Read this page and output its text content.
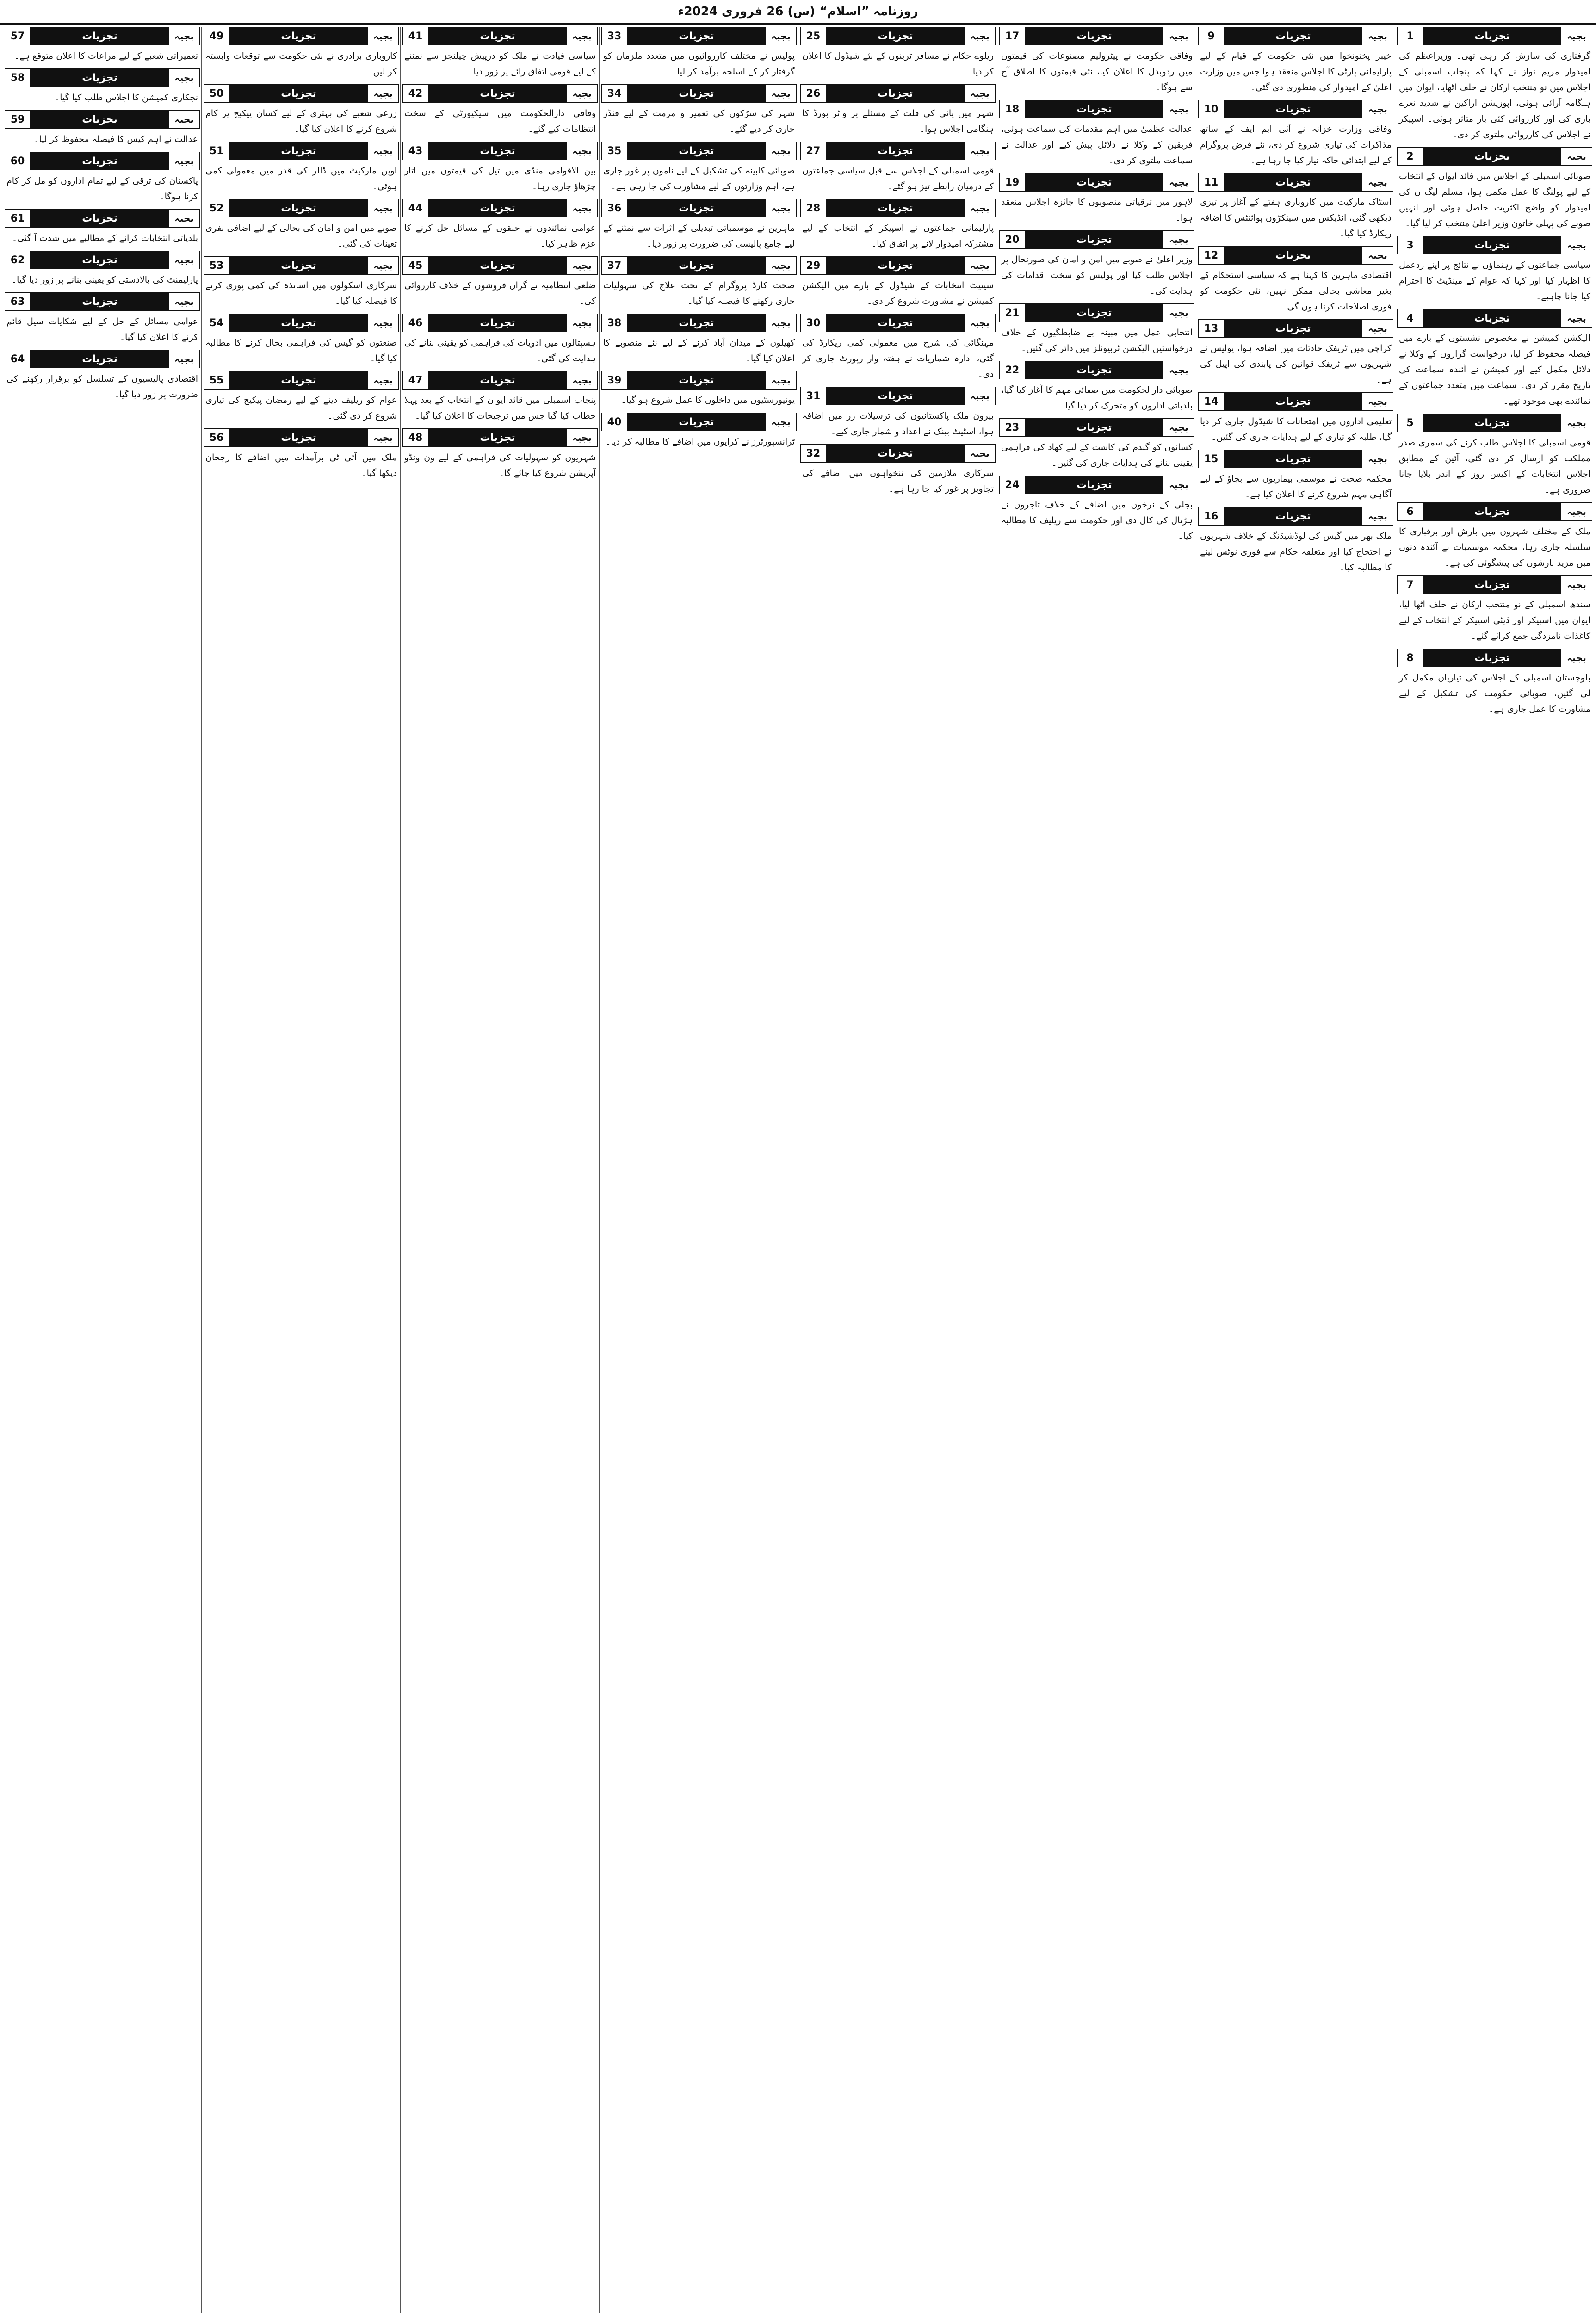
روزنامہ ”اسلام“ (س) 26 فروری 2024ء
1	تجزیات	بجیہ

گرفتاری کی سازش کر رہی تھی۔ وزیراعظم کی امیدوار مریم نواز نے کہا کہ پنجاب اسمبلی کے اجلاس میں نو منتخب ارکان نے حلف اٹھایا، ایوان میں ہنگامہ آرائی ہوئی، اپوزیشن اراکین نے شدید نعرے بازی کی اور کارروائی کئی بار متاثر ہوئی۔ اسپیکر نے اجلاس کی کارروائی ملتوی کر دی۔

2	تجزیات	بجیہ

صوبائی اسمبلی کے اجلاس میں قائد ایوان کے انتخاب کے لیے پولنگ کا عمل مکمل ہوا، مسلم لیگ ن کی امیدوار کو واضح اکثریت حاصل ہوئی اور انہیں صوبے کی پہلی خاتون وزیر اعلیٰ منتخب کر لیا گیا۔

3	تجزیات	بجیہ

سیاسی جماعتوں کے رہنماؤں نے نتائج پر اپنے ردعمل کا اظہار کیا اور کہا کہ عوام کے مینڈیٹ کا احترام کیا جانا چاہیے۔

4	تجزیات	بجیہ

الیکشن کمیشن نے مخصوص نشستوں کے بارے میں فیصلہ محفوظ کر لیا، درخواست گزاروں کے وکلا نے دلائل مکمل کیے اور کمیشن نے آئندہ سماعت کی تاریخ مقرر کر دی۔ سماعت میں متعدد جماعتوں کے نمائندے بھی موجود تھے۔

5	تجزیات	بجیہ

قومی اسمبلی کا اجلاس طلب کرنے کی سمری صدر مملکت کو ارسال کر دی گئی، آئین کے مطابق اجلاس انتخابات کے اکیس روز کے اندر بلایا جانا ضروری ہے۔

6	تجزیات	بجیہ

ملک کے مختلف شہروں میں بارش اور برفباری کا سلسلہ جاری رہا، محکمہ موسمیات نے آئندہ دنوں میں مزید بارشوں کی پیشگوئی کی ہے۔

7	تجزیات	بجیہ

سندھ اسمبلی کے نو منتخب ارکان نے حلف اٹھا لیا، ایوان میں اسپیکر اور ڈپٹی اسپیکر کے انتخاب کے لیے کاغذات نامزدگی جمع کرائے گئے۔

8	تجزیات	بجیہ

بلوچستان اسمبلی کے اجلاس کی تیاریاں مکمل کر لی گئیں، صوبائی حکومت کی تشکیل کے لیے مشاورت کا عمل جاری ہے۔

9	تجزیات	بجیہ

خیبر پختونخوا میں نئی حکومت کے قیام کے لیے پارلیمانی پارٹی کا اجلاس منعقد ہوا جس میں وزارت اعلیٰ کے امیدوار کی منظوری دی گئی۔

10	تجزیات	بجیہ

وفاقی وزارت خزانہ نے آئی ایم ایف کے ساتھ مذاکرات کی تیاری شروع کر دی، نئے قرض پروگرام کے لیے ابتدائی خاکہ تیار کیا جا رہا ہے۔

11	تجزیات	بجیہ

اسٹاک مارکیٹ میں کاروباری ہفتے کے آغاز پر تیزی دیکھی گئی، انڈیکس میں سینکڑوں پوائنٹس کا اضافہ ریکارڈ کیا گیا۔

12	تجزیات	بجیہ

اقتصادی ماہرین کا کہنا ہے کہ سیاسی استحکام کے بغیر معاشی بحالی ممکن نہیں، نئی حکومت کو فوری اصلاحات کرنا ہوں گی۔

13	تجزیات	بجیہ

کراچی میں ٹریفک حادثات میں اضافہ ہوا، پولیس نے شہریوں سے ٹریفک قوانین کی پابندی کی اپیل کی ہے۔

14	تجزیات	بجیہ

تعلیمی اداروں میں امتحانات کا شیڈول جاری کر دیا گیا، طلبہ کو تیاری کے لیے ہدایات جاری کی گئیں۔

15	تجزیات	بجیہ

محکمہ صحت نے موسمی بیماریوں سے بچاؤ کے لیے آگاہی مہم شروع کرنے کا اعلان کیا ہے۔

16	تجزیات	بجیہ

ملک بھر میں گیس کی لوڈشیڈنگ کے خلاف شہریوں نے احتجاج کیا اور متعلقہ حکام سے فوری نوٹس لینے کا مطالبہ کیا۔

17	تجزیات	بجیہ

وفاقی حکومت نے پیٹرولیم مصنوعات کی قیمتوں میں ردوبدل کا اعلان کیا، نئی قیمتوں کا اطلاق آج سے ہوگا۔

18	تجزیات	بجیہ

عدالت عظمیٰ میں اہم مقدمات کی سماعت ہوئی، فریقین کے وکلا نے دلائل پیش کیے اور عدالت نے سماعت ملتوی کر دی۔

19	تجزیات	بجیہ

لاہور میں ترقیاتی منصوبوں کا جائزہ اجلاس منعقد ہوا۔

20	تجزیات	بجیہ

وزیر اعلیٰ نے صوبے میں امن و امان کی صورتحال پر اجلاس طلب کیا اور پولیس کو سخت اقدامات کی ہدایت کی۔

21	تجزیات	بجیہ

انتخابی عمل میں مبینہ بے ضابطگیوں کے خلاف درخواستیں الیکشن ٹربیونلز میں دائر کی گئیں۔

22	تجزیات	بجیہ

صوبائی دارالحکومت میں صفائی مہم کا آغاز کیا گیا، بلدیاتی اداروں کو متحرک کر دیا گیا۔

23	تجزیات	بجیہ

کسانوں کو گندم کی کاشت کے لیے کھاد کی فراہمی یقینی بنانے کی ہدایات جاری کی گئیں۔

24	تجزیات	بجیہ

بجلی کے نرخوں میں اضافے کے خلاف تاجروں نے ہڑتال کی کال دی اور حکومت سے ریلیف کا مطالبہ کیا۔

25	تجزیات	بجیہ

ریلوے حکام نے مسافر ٹرینوں کے نئے شیڈول کا اعلان کر دیا۔

26	تجزیات	بجیہ

شہر میں پانی کی قلت کے مسئلے پر واٹر بورڈ کا ہنگامی اجلاس ہوا۔

27	تجزیات	بجیہ

قومی اسمبلی کے اجلاس سے قبل سیاسی جماعتوں کے درمیان رابطے تیز ہو گئے۔

28	تجزیات	بجیہ

پارلیمانی جماعتوں نے اسپیکر کے انتخاب کے لیے مشترکہ امیدوار لانے پر اتفاق کیا۔

29	تجزیات	بجیہ

سینیٹ انتخابات کے شیڈول کے بارے میں الیکشن کمیشن نے مشاورت شروع کر دی۔

30	تجزیات	بجیہ

مہنگائی کی شرح میں معمولی کمی ریکارڈ کی گئی، ادارہ شماریات نے ہفتہ وار رپورٹ جاری کر دی۔

31	تجزیات	بجیہ

بیرون ملک پاکستانیوں کی ترسیلات زر میں اضافہ ہوا، اسٹیٹ بینک نے اعداد و شمار جاری کیے۔

32	تجزیات	بجیہ

سرکاری ملازمین کی تنخواہوں میں اضافے کی تجاویز پر غور کیا جا رہا ہے۔

33	تجزیات	بجیہ

پولیس نے مختلف کارروائیوں میں متعدد ملزمان کو گرفتار کر کے اسلحہ برآمد کر لیا۔

34	تجزیات	بجیہ

شہر کی سڑکوں کی تعمیر و مرمت کے لیے فنڈز جاری کر دیے گئے۔

35	تجزیات	بجیہ

صوبائی کابینہ کی تشکیل کے لیے ناموں پر غور جاری ہے، اہم وزارتوں کے لیے مشاورت کی جا رہی ہے۔

36	تجزیات	بجیہ

ماہرین نے موسمیاتی تبدیلی کے اثرات سے نمٹنے کے لیے جامع پالیسی کی ضرورت پر زور دیا۔

37	تجزیات	بجیہ

صحت کارڈ پروگرام کے تحت علاج کی سہولیات جاری رکھنے کا فیصلہ کیا گیا۔

38	تجزیات	بجیہ

کھیلوں کے میدان آباد کرنے کے لیے نئے منصوبے کا اعلان کیا گیا۔

39	تجزیات	بجیہ

یونیورسٹیوں میں داخلوں کا عمل شروع ہو گیا۔

40	تجزیات	بجیہ

ٹرانسپورٹرز نے کرایوں میں اضافے کا مطالبہ کر دیا۔

41	تجزیات	بجیہ

سیاسی قیادت نے ملک کو درپیش چیلنجز سے نمٹنے کے لیے قومی اتفاق رائے پر زور دیا۔

42	تجزیات	بجیہ

وفاقی دارالحکومت میں سیکیورٹی کے سخت انتظامات کیے گئے۔

43	تجزیات	بجیہ

بین الاقوامی منڈی میں تیل کی قیمتوں میں اتار چڑھاؤ جاری رہا۔

44	تجزیات	بجیہ

عوامی نمائندوں نے حلقوں کے مسائل حل کرنے کا عزم ظاہر کیا۔

45	تجزیات	بجیہ

ضلعی انتظامیہ نے گراں فروشوں کے خلاف کارروائی کی۔

46	تجزیات	بجیہ

ہسپتالوں میں ادویات کی فراہمی کو یقینی بنانے کی ہدایت کی گئی۔

47	تجزیات	بجیہ

پنجاب اسمبلی میں قائد ایوان کے انتخاب کے بعد پہلا خطاب کیا گیا جس میں ترجیحات کا اعلان کیا گیا۔

48	تجزیات	بجیہ

شہریوں کو سہولیات کی فراہمی کے لیے ون ونڈو آپریشن شروع کیا جائے گا۔

49	تجزیات	بجیہ

کاروباری برادری نے نئی حکومت سے توقعات وابستہ کر لیں۔

50	تجزیات	بجیہ

زرعی شعبے کی بہتری کے لیے کسان پیکیج پر کام شروع کرنے کا اعلان کیا گیا۔

51	تجزیات	بجیہ

اوپن مارکیٹ میں ڈالر کی قدر میں معمولی کمی ہوئی۔

52	تجزیات	بجیہ

صوبے میں امن و امان کی بحالی کے لیے اضافی نفری تعینات کی گئی۔

53	تجزیات	بجیہ

سرکاری اسکولوں میں اساتذہ کی کمی پوری کرنے کا فیصلہ کیا گیا۔

54	تجزیات	بجیہ

صنعتوں کو گیس کی فراہمی بحال کرنے کا مطالبہ کیا گیا۔

55	تجزیات	بجیہ

عوام کو ریلیف دینے کے لیے رمضان پیکیج کی تیاری شروع کر دی گئی۔

56	تجزیات	بجیہ

ملک میں آئی ٹی برآمدات میں اضافے کا رجحان دیکھا گیا۔

57	تجزیات	بجیہ

تعمیراتی شعبے کے لیے مراعات کا اعلان متوقع ہے۔

58	تجزیات	بجیہ

نجکاری کمیشن کا اجلاس طلب کیا گیا۔

59	تجزیات	بجیہ

عدالت نے اہم کیس کا فیصلہ محفوظ کر لیا۔

60	تجزیات	بجیہ

پاکستان کی ترقی کے لیے تمام اداروں کو مل کر کام کرنا ہوگا۔

61	تجزیات	بجیہ

بلدیاتی انتخابات کرانے کے مطالبے میں شدت آ گئی۔

62	تجزیات	بجیہ

پارلیمنٹ کی بالادستی کو یقینی بنانے پر زور دیا گیا۔

63	تجزیات	بجیہ

عوامی مسائل کے حل کے لیے شکایات سیل قائم کرنے کا اعلان کیا گیا۔

64	تجزیات	بجیہ

اقتصادی پالیسیوں کے تسلسل کو برقرار رکھنے کی ضرورت پر زور دیا گیا۔
